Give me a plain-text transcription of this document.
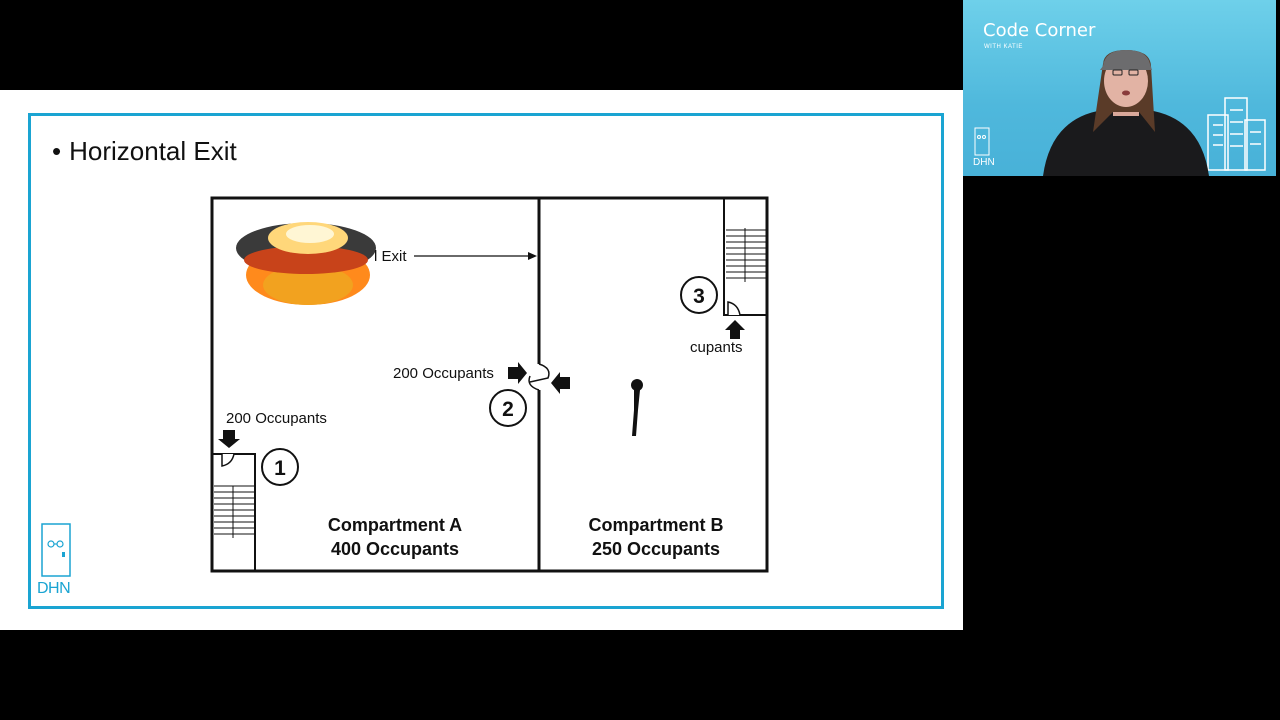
• Horizontal Exit
l Exit
200 Occupants
2
200 Occupants
1
3
cupants
Compartment A
400 Occupants
Compartment B
250 Occupants
DHN
Code Corner
WITH KATIE
DHN
